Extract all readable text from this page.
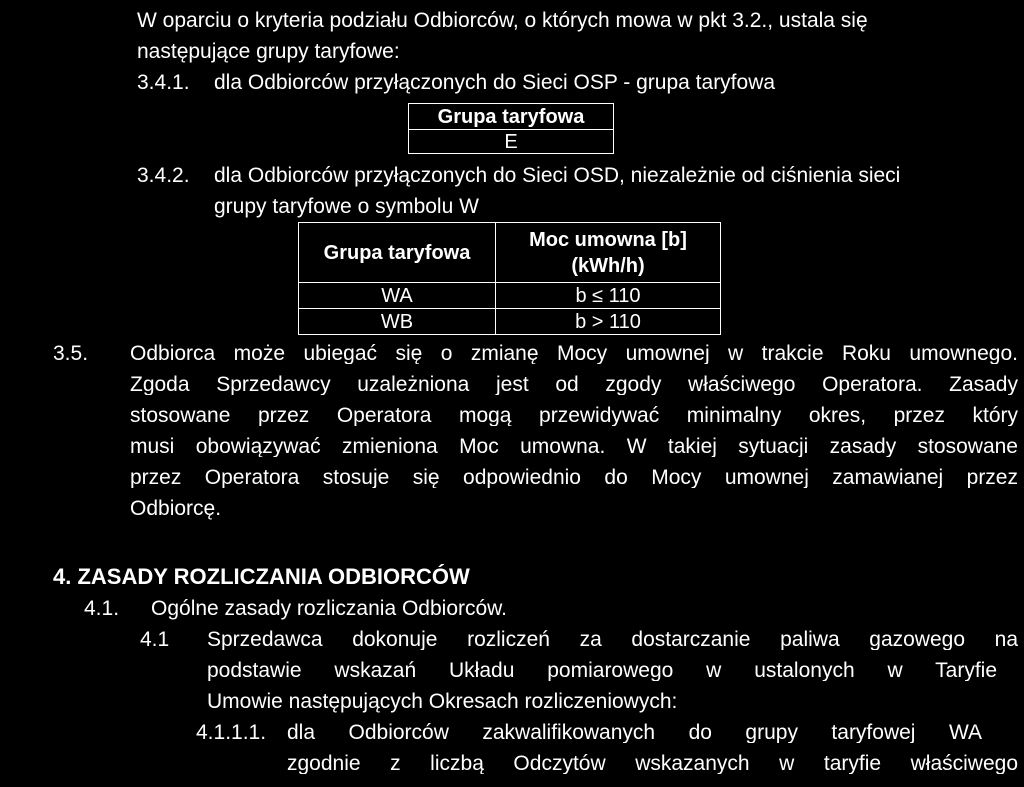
W oparciu o kryteria podziału Odbiorców, o których mowa w pkt 3.2., ustala się
następujące grupy taryfowe:
3.4.1. dla Odbiorców przyłączonych do Sieci OSP - grupa taryfowa
Grupa taryfowa
E
3.4.2. dla Odbiorców przyłączonych do Sieci OSD, niezależnie od ciśnienia sieci
grupy taryfowe o symbolu W
Grupa taryfowa	Moc umowna [b]
(kWh/h)

WA	b ≤ 110
WB	b > 110
3.5. Odbiorca może ubiegać się o zmianę Mocy umownej w trakcie Roku umownego.
Zgoda Sprzedawcy uzależniona jest od zgody właściwego Operatora. Zasady
stosowane przez Operatora mogą przewidywać minimalny okres, przez który
musi obowiązywać zmieniona Moc umowna. W takiej sytuacji zasady stosowane
przez Operatora stosuje się odpowiednio do Mocy umownej zamawianej przez
Odbiorcę.
4. ZASADY ROZLICZANIA ODBIORCÓW
4.1. Ogólne zasady rozliczania Odbiorców.
4.1 Sprzedawca dokonuje rozliczeń za dostarczanie paliwa gazowego na
podstawie wskazań Układu pomiarowego w ustalonych w Taryfie
Umowie następujących Okresach rozliczeniowych:
4.1.1.1. dla Odbiorców zakwalifikowanych do grupy taryfowej WA
zgodnie z liczbą Odczytów wskazanych w taryfie właściwego
